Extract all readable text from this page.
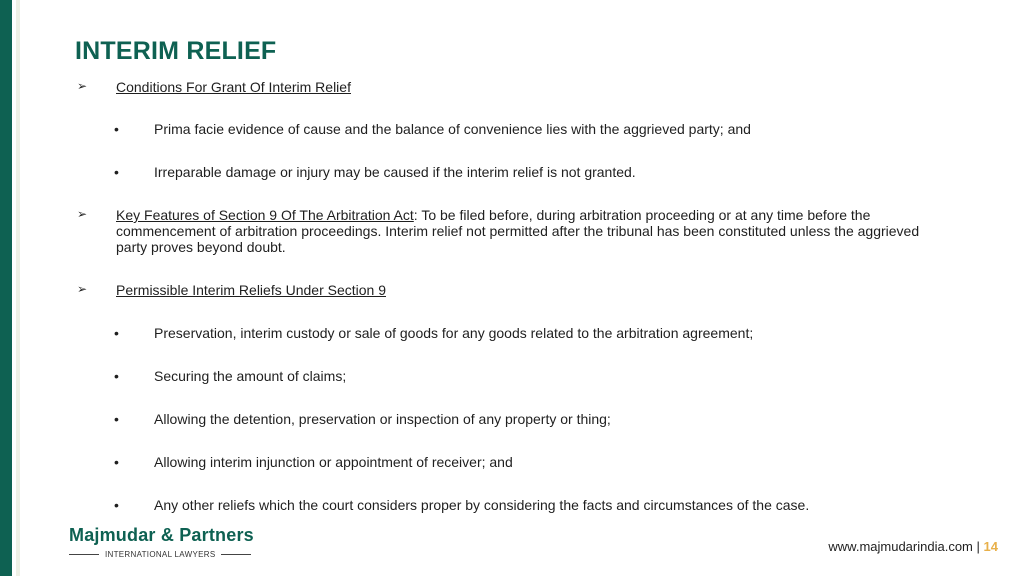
INTERIM RELIEF
➢ Conditions For Grant Of Interim Relief
•	Prima facie evidence of cause and the balance of convenience lies with the aggrieved party; and
•	Irreparable damage or injury may be caused if the interim relief is not granted.
➢ Key Features of Section 9 Of The Arbitration Act: To be filed before, during arbitration proceeding or at any time before the commencement of arbitration proceedings. Interim relief not permitted after the tribunal has been constituted unless the aggrieved party proves beyond doubt.
➢ Permissible Interim Reliefs Under Section 9
•	Preservation, interim custody or sale of goods for any goods related to the arbitration agreement;
•	Securing the amount of claims;
•	Allowing the detention, preservation or inspection of any property or thing;
•	Allowing interim injunction or appointment of receiver; and
•	Any other reliefs which the court considers proper by considering the facts and circumstances of the case.
Majmudar & Partners
INTERNATIONAL LAWYERS
www.majmudarindia.com | 14
